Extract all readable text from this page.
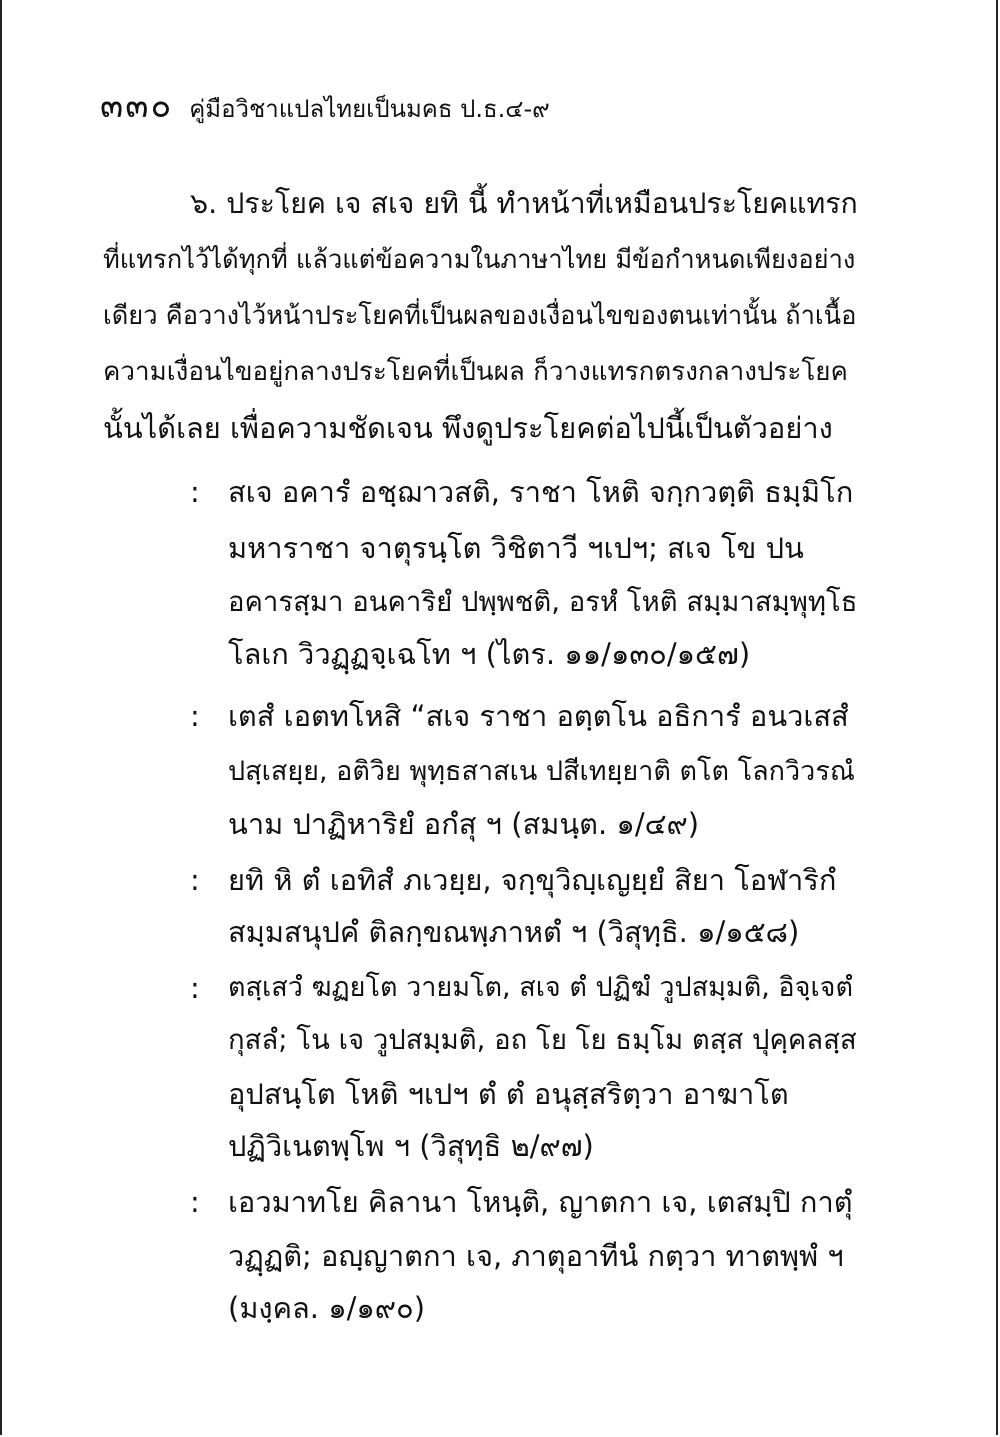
๓๓๐ คู่มือวิชาแปลไทยเป็นมคธ ป.ธ.๔-๙
๖. ประโยค เจ สเจ ยทิ นี้ ทำหน้าที่เหมือนประโยคแทรก
ที่แทรกไว้ได้ทุกที่ แล้วแต่ข้อความในภาษาไทย มีข้อกำหนดเพียงอย่าง
เดียว คือวางไว้หน้าประโยคที่เป็นผลของเงื่อนไขของตนเท่านั้น ถ้าเนื้อ
ความเงื่อนไขอยู่กลางประโยคที่เป็นผล ก็วางแทรกตรงกลางประโยค
นั้นได้เลย เพื่อความชัดเจน พึงดูประโยคต่อไปนี้เป็นตัวอย่าง
: สเจ อคารํ อชฺฌาวสติ, ราชา โหติ จกฺกวตฺติ ธมฺมิโก
มหาราชา จาตุรนฺโต วิชิตาวี ฯเปฯ; สเจ โข ปน
อคารสฺมา อนคาริยํ ปพฺพชติ, อรหํ โหติ สมฺมาสมฺพุทฺโธ
โลเก วิวฏฺฏจฺเฉโท ฯ (ไตร. ๑๑/๑๓๐/๑๕๗)
: เตสํ เอตทโหสิ “สเจ ราชา อตฺตโน อธิการํ อนวเสสํ
ปสฺเสยฺย, อติวิย พุทฺธสาสเน ปสีเทยฺยาติ ตโต โลกวิวรณํ
นาม ปาฏิหาริยํ อกํสุ ฯ (สมนฺต. ๑/๔๙)
: ยทิ หิ ตํ เอทิสํ ภเวยฺย, จกฺขุวิญฺเญยฺยํ สิยา โอฬาริกํ
สมฺมสนุปคํ ติลกฺขณพฺภาหตํ ฯ (วิสุทฺธิ. ๑/๑๕๘)
: ตสฺเสวํ ฆฏยโต วายมโต, สเจ ตํ ปฏิฆํ วูปสมฺมติ, อิจฺเจตํ
กุสลํ; โน เจ วูปสมฺมติ, อถ โย โย ธมฺโม ตสฺส ปุคฺคลสฺส
อุปสนฺโต โหติ ฯเปฯ ตํ ตํ อนุสฺสริตฺวา อาฆาโต
ปฏิวิเนตพฺโพ ฯ (วิสุทฺธิ ๒/๙๗)
: เอวมาทโย คิลานา โหนฺติ, ญาตกา เจ, เตสมฺปิ กาตุํ
วฏฺฏติ; อญฺญาตกา เจ, ภาตุอาทีนํ กตฺวา ทาตพฺพํ ฯ
(มงฺคล. ๑/๑๙๐)
